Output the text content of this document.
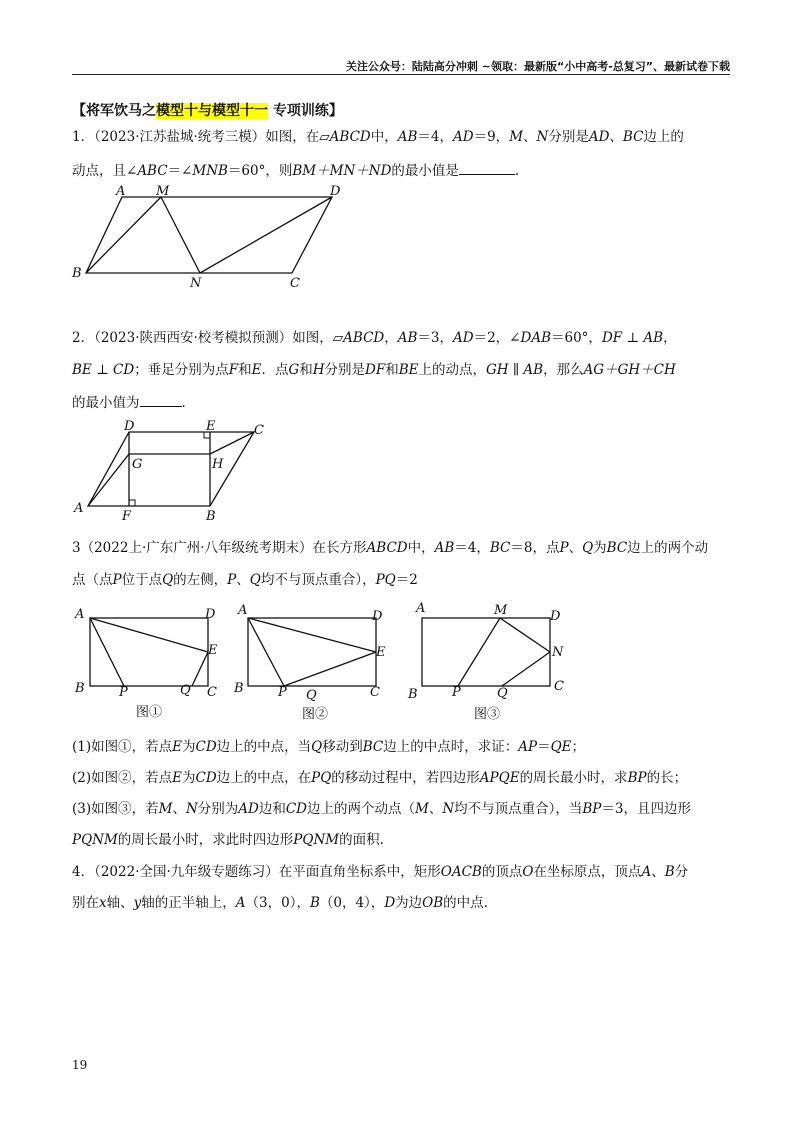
关注公众号：陆陆高分冲刺 ~领取：最新版“小中高考-总复习”、最新试卷下载
【将军饮马之模型十与模型十一 专项训练】
1．（2023·江苏盐城·统考三模）如图，在▱ABCD中，AB＝4，AD＝9，M、N分别是AD、BC边上的
动点，且∠ABC＝∠MNB＝60°，则BM＋MN＋ND的最小值是	.
A M	D
B
N	C
2．（2023·陕西西安·校考模拟预测）如图，▱ABCD，AB＝3，AD＝2，∠DAB＝60°，DF ⊥ AB，
BE ⊥ CD；垂足分别为点F和E．点G和H分别是DF和BE上的动点，GH ∥ AB，那么AG＋GH＋CH
的最小值为	.
D	E	C
G	H
A
F	B
3（2022上·广东广州·八年级统考期末）在长方形ABCD中，AB＝4，BC＝8，点P、Q为BC边上的两个动
点（点P位于点Q的左侧，P、Q均不与顶点重合），PQ＝2
A	D
E
B	P	Q C
图①
A	D
E
B	P Q	C
图②
A	M	D
N
B	P	Q	C
图③
(1)如图①，若点E为CD边上的中点，当Q移动到BC边上的中点时，求证：AP＝QE；
(2)如图②，若点E为CD边上的中点，在PQ的移动过程中，若四边形APQE的周长最小时，求BP的长；
(3)如图③，若M、N分别为AD边和CD边上的两个动点（M、N均不与顶点重合），当BP＝3，且四边形
PQNM的周长最小时，求此时四边形PQNM的面积.
4．（2022·全国·九年级专题练习）在平面直角坐标系中，矩形OACB的顶点O在坐标原点，顶点A、B分
别在x轴、y轴的正半轴上，A（3，0），B（0，4），D为边OB的中点.
19
